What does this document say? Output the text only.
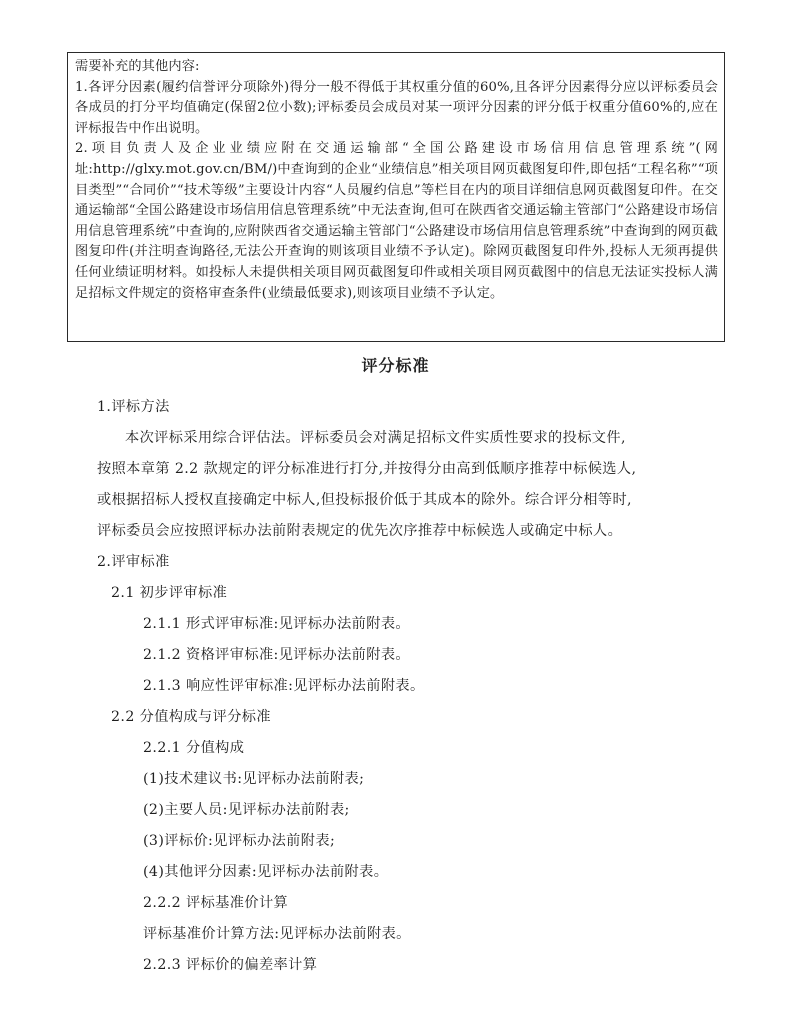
需要补充的其他内容:

1.各评分因素(履约信誉评分项除外)得分一般不得低于其权重分值的60%,且各评分因素得分应以评标委员会各成员的打分平均值确定(保留2位小数);评标委员会成员对某一项评分因素的评分低于权重分值60%的,应在评标报告中作出说明。

2.项目负责人及企业业绩应附在交通运输部“全国公路建设市场信用信息管理系统”(网址:http://glxy.mot.gov.cn/BM/)中查询到的企业“业绩信息”相关项目网页截图复印件,即包括“工程名称”“项目类型”“合同价”“技术等级”主要设计内容“人员履约信息”等栏目在内的项目详细信息网页截图复印件。在交通运输部“全国公路建设市场信用信息管理系统”中无法查询,但可在陕西省交通运输主管部门“公路建设市场信用信息管理系统”中查询的,应附陕西省交通运输主管部门“公路建设市场信用信息管理系统”中查询到的网页截图复印件(并注明查询路径,无法公开查询的则该项目业绩不予认定)。除网页截图复印件外,投标人无须再提供任何业绩证明材料。如投标人未提供相关项目网页截图复印件或相关项目网页截图中的信息无法证实投标人满足招标文件规定的资格审查条件(业绩最低要求),则该项目业绩不予认定。

评分标准

1.评标方法

本次评标采用综合评估法。评标委员会对满足招标文件实质性要求的投标文件,

按照本章第 2.2 款规定的评分标准进行打分,并按得分由高到低顺序推荐中标候选人,

或根据招标人授权直接确定中标人,但投标报价低于其成本的除外。综合评分相等时,

评标委员会应按照评标办法前附表规定的优先次序推荐中标候选人或确定中标人。

2.评审标准

2.1 初步评审标准

2.1.1 形式评审标准:见评标办法前附表。

2.1.2 资格评审标准:见评标办法前附表。

2.1.3 响应性评审标准:见评标办法前附表。

2.2 分值构成与评分标准

2.2.1 分值构成

(1)技术建议书:见评标办法前附表;

(2)主要人员:见评标办法前附表;

(3)评标价:见评标办法前附表;

(4)其他评分因素:见评标办法前附表。

2.2.2 评标基准价计算

评标基准价计算方法:见评标办法前附表。

2.2.3 评标价的偏差率计算
